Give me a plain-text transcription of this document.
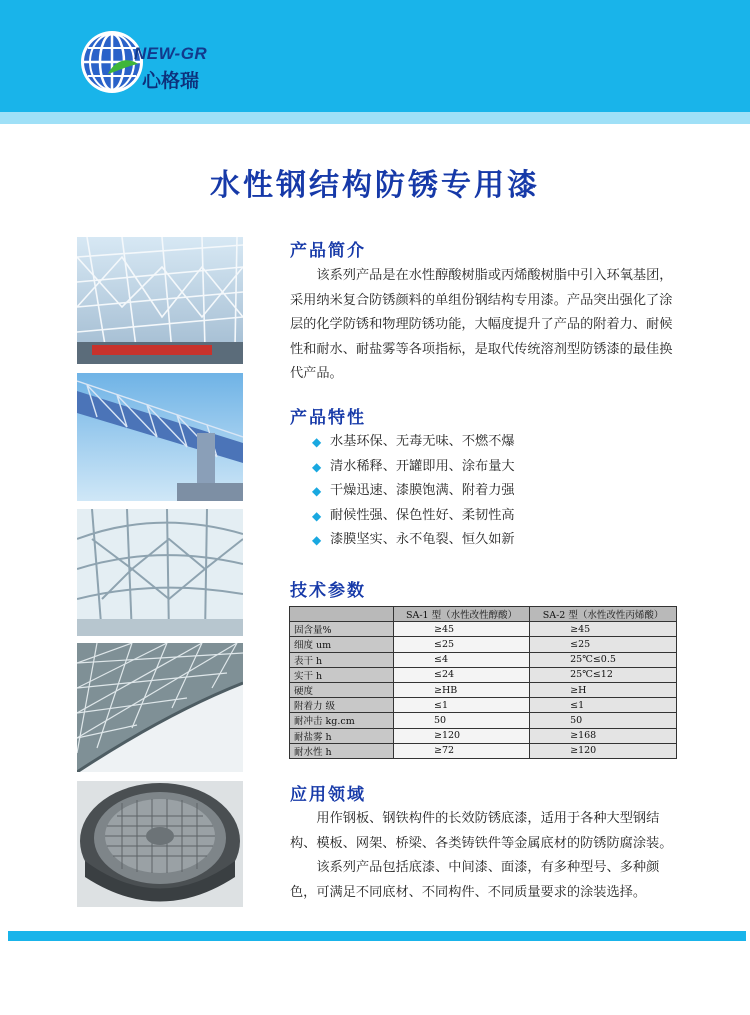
NEW-GR
心格瑞
水性钢结构防锈专用漆
产品简介

该系列产品是在水性醇酸树脂或丙烯酸树脂中引入环氧基团，采用纳米复合防锈颜料的单组份钢结构专用漆。产品突出强化了涂层的化学防锈和物理防锈功能，大幅度提升了产品的附着力、耐候性和耐水、耐盐雾等各项指标，是取代传统溶剂型防锈漆的最佳换代产品。

产品特性
◆ 水基环保、无毒无味、不燃不爆
◆ 清水稀释、开罐即用、涂布量大
◆ 干燥迅速、漆膜饱满、附着力强
◆ 耐候性强、保色性好、柔韧性高
◆ 漆膜坚实、永不龟裂、恒久如新
技术参数
	SA-1 型（水性改性醇酸）	SA-2 型（水性改性丙烯酸）
固含量%	≥45	≥45
细度 um	≤25	≤25
表干 h	≤4	25℃≤0.5
实干 h	≤24	25℃≤12
硬度	≥HB	≥H
附着力 级	≤1	≤1
耐冲击 kg.cm	50	50
耐盐雾 h	≥120	≥168
耐水性 h	≥72	≥120
应用领域

用作钢板、钢铁构件的长效防锈底漆，适用于各种大型钢结构、模板、网架、桥梁、各类铸铁件等金属底材的防锈防腐涂装。

该系列产品包括底漆、中间漆、面漆，有多种型号、多种颜色，可满足不同底材、不同构件、不同质量要求的涂装选择。
